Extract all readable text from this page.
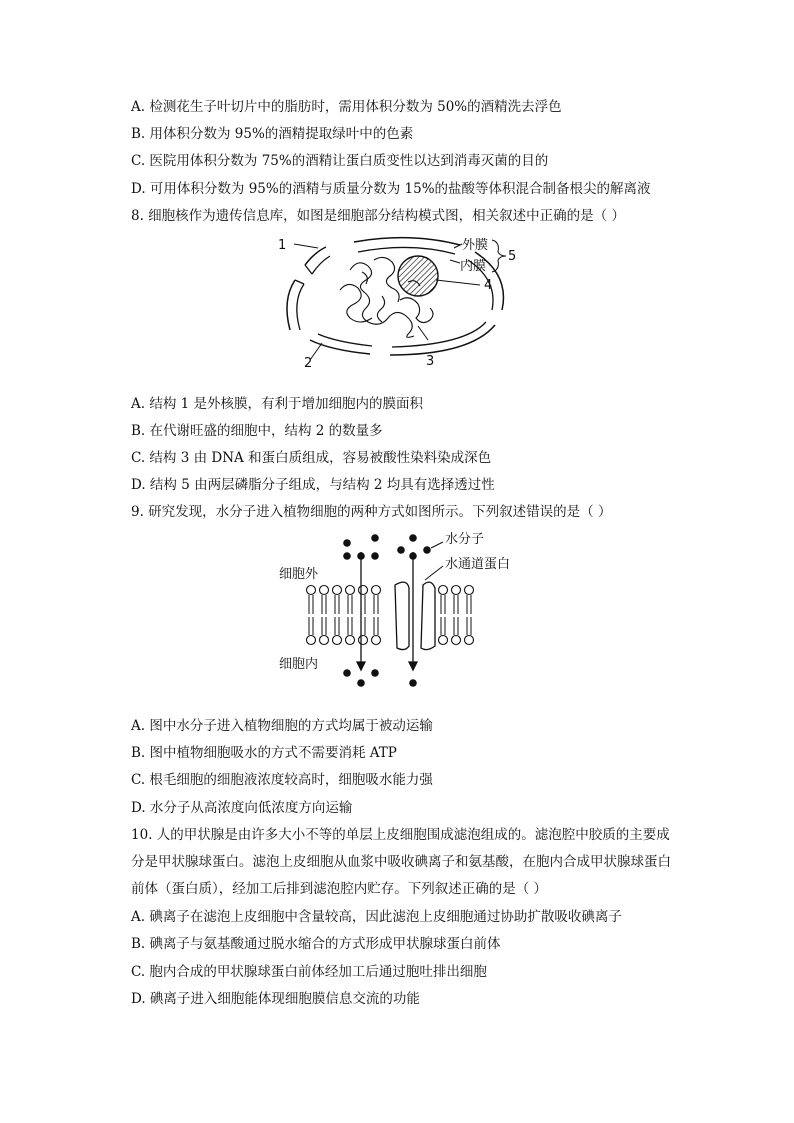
A. 检测花生子叶切片中的脂肪时，需用体积分数为 50%的酒精洗去浮色
B. 用体积分数为 95%的酒精提取绿叶中的色素
C. 医院用体积分数为 75%的酒精让蛋白质变性以达到消毒灭菌的目的
D. 可用体积分数为 95%的酒精与质量分数为 15%的盐酸等体积混合制备根尖的解离液
8. 细胞核作为遗传信息库，如图是细胞部分结构模式图，相关叙述中正确的是（ ）
1
2	3
4
外膜
内膜
5
A. 结构 1 是外核膜，有利于增加细胞内的膜面积
B. 在代谢旺盛的细胞中，结构 2 的数量多
C. 结构 3 由 DNA 和蛋白质组成，容易被酸性染料染成深色
D. 结构 5 由两层磷脂分子组成，与结构 2 均具有选择透过性
9. 研究发现，水分子进入植物细胞的两种方式如图所示。下列叙述错误的是（ ）
水分子
水通道蛋白
细胞外
细胞内
A. 图中水分子进入植物细胞的方式均属于被动运输
B. 图中植物细胞吸水的方式不需要消耗 ATP
C. 根毛细胞的细胞液浓度较高时，细胞吸水能力强
D. 水分子从高浓度向低浓度方向运输
10. 人的甲状腺是由许多大小不等的单层上皮细胞围成滤泡组成的。滤泡腔中胶质的主要成
分是甲状腺球蛋白。滤泡上皮细胞从血浆中吸收碘离子和氨基酸，在胞内合成甲状腺球蛋白
前体（蛋白质），经加工后排到滤泡腔内贮存。下列叙述正确的是（ ）
A. 碘离子在滤泡上皮细胞中含量较高，因此滤泡上皮细胞通过协助扩散吸收碘离子
B. 碘离子与氨基酸通过脱水缩合的方式形成甲状腺球蛋白前体
C. 胞内合成的甲状腺球蛋白前体经加工后通过胞吐排出细胞
D. 碘离子进入细胞能体现细胞膜信息交流的功能
